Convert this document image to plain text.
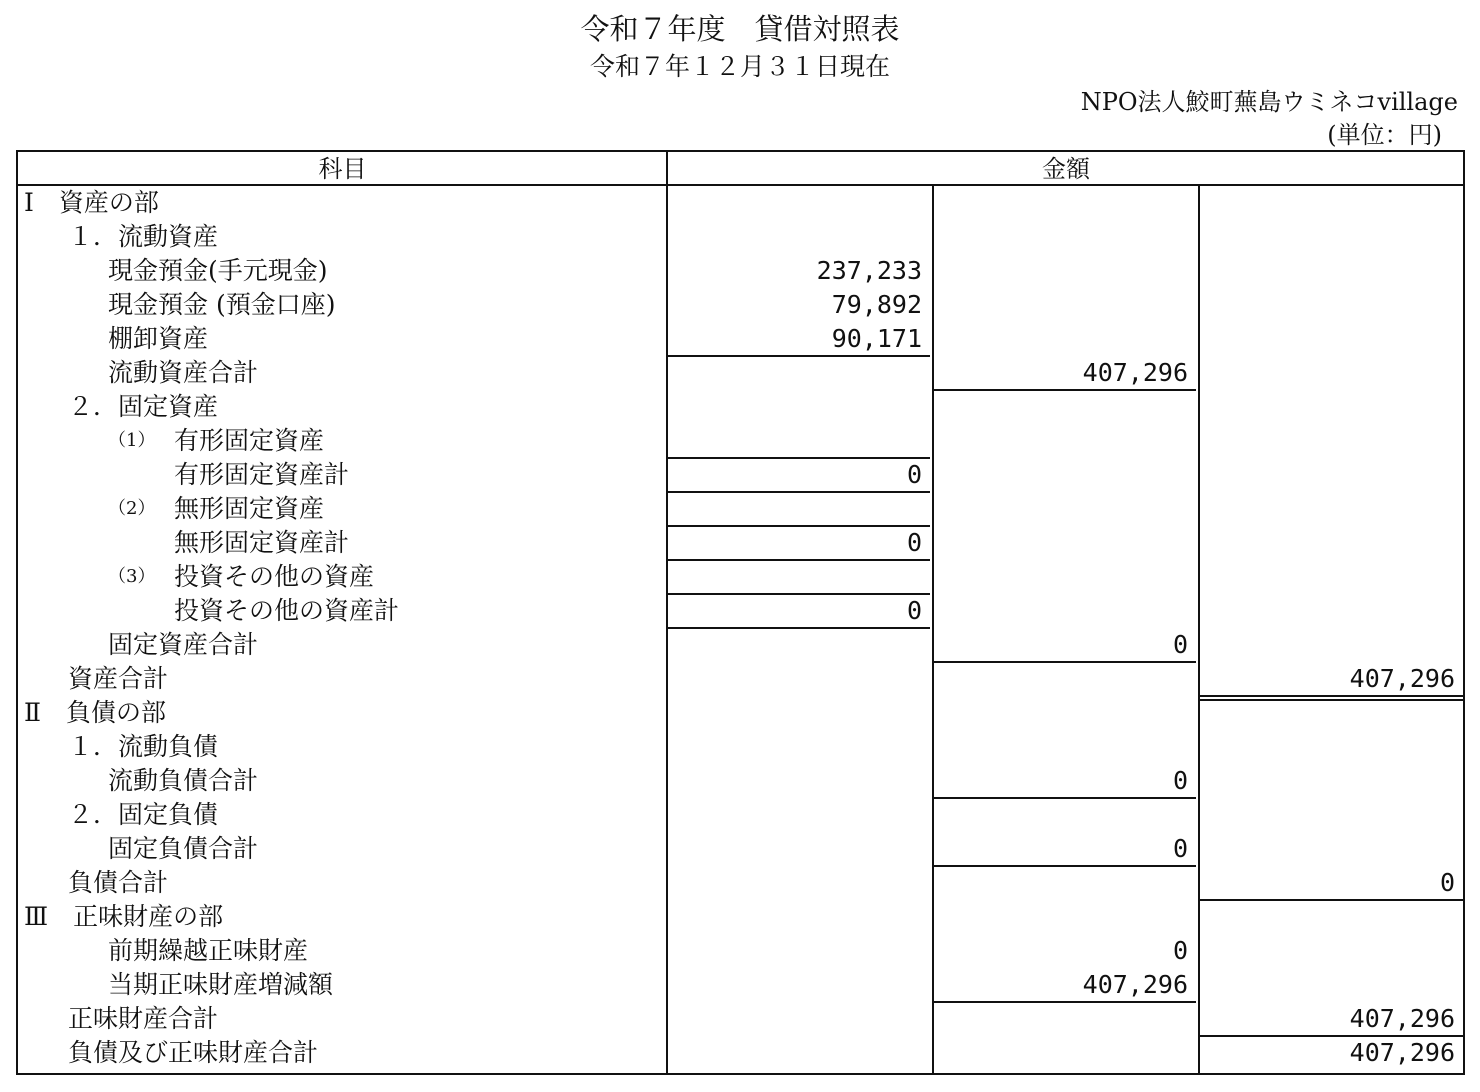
令和７年度　貸借対照表
令和７年１２月３１日現在
NPO法人鮫町蕪島ウミネコvillage
(単位：円)
科目	金額
Ⅰ　資産の部
１．流動資産
現金預金(手元現金)	237,233
現金預金 (預金口座)	79,892
棚卸資産	90,171
流動資産合計	407,296
２．固定資産
（1） 有形固定資産
有形固定資産計	0
（2） 無形固定資産
無形固定資産計	0
（3） 投資その他の資産
投資その他の資産計	0
固定資産合計	0
資産合計	407,296
Ⅱ　負債の部
１．流動負債
流動負債合計	0
２．固定負債
固定負債合計	0
負債合計	0
Ⅲ　正味財産の部
前期繰越正味財産	0
当期正味財産増減額	407,296
正味財産合計	407,296
負債及び正味財産合計	407,296
